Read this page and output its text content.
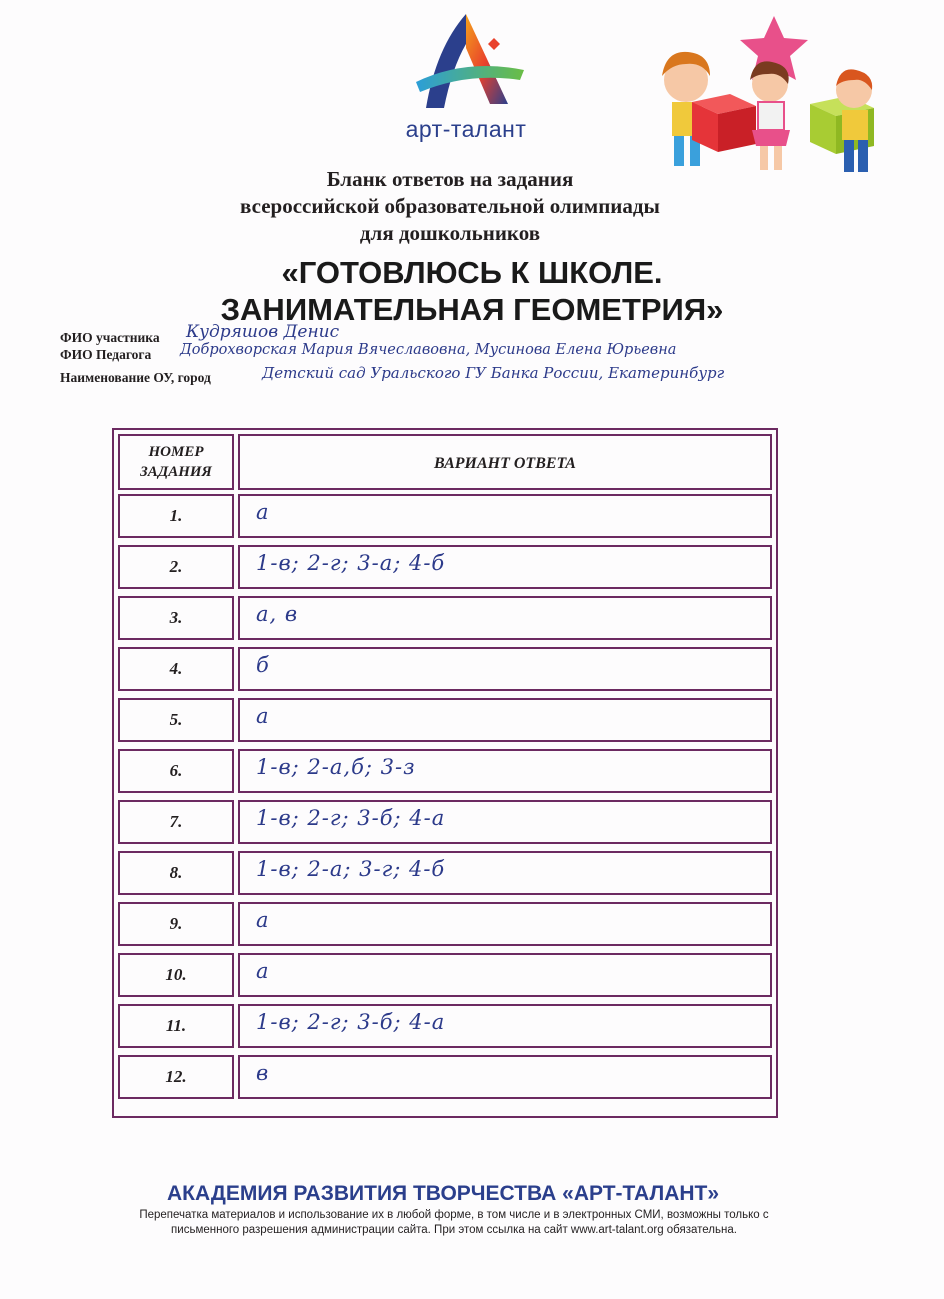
арт-талант
Бланк ответов на задания
всероссийской образовательной олимпиады
для дошкольников
«ГОТОВЛЮСЬ К ШКОЛЕ.
ЗАНИМАТЕЛЬНАЯ ГЕОМЕТРИЯ»
ФИО участника Кудряшов Денис
ФИО Педагога Доброхворская Мария Вячеславовна, Мусинова Елена Юрьевна
Наименование ОУ, город	Детский сад Уральского ГУ Банка России, Екатеринбург
НОМЕР
ЗАДАНИЯ	ВАРИАНТ ОТВЕТА
1.	а
2.	1-в; 2-г; 3-а; 4-б
3.	а, в
4.	б
5.	а
6.	1-в; 2-а,б; 3-з
7.	1-в; 2-г; 3-б; 4-а
8.	1-в; 2-а; 3-г; 4-б
9.	а
10.	а
11.	1-в; 2-г; 3-б; 4-а
12.	в
АКАДЕМИЯ РАЗВИТИЯ ТВОРЧЕСТВА «АРТ-ТАЛАНТ»
Перепечатка материалов и использование их в любой форме, в том числе и в электронных СМИ, возможны только с
письменного разрешения администрации сайта. При этом ссылка на сайт www.art-talant.org обязательна.
